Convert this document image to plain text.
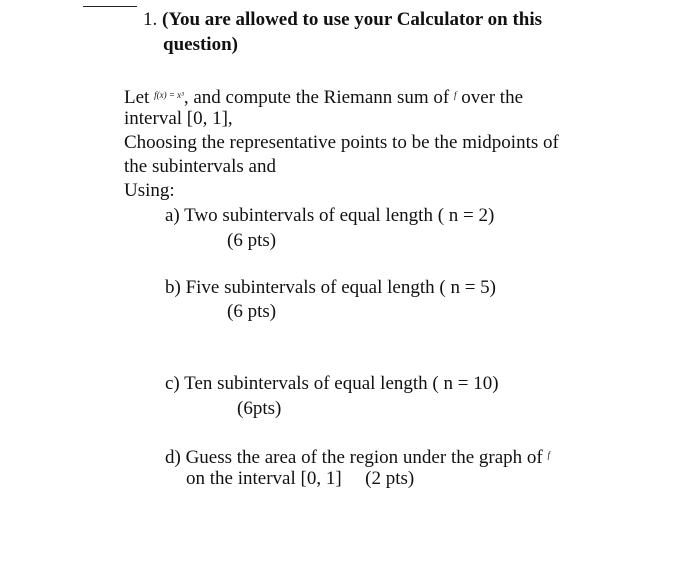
1. (You are allowed to use your Calculator on this
question)
Let $^{f(x) = x^3}$, and compute the Riemann sum of $^f$ over the
interval [0, 1],
Choosing the representative points to be the midpoints of
the subintervals and
Using:
a) Two subintervals of equal length ( n = 2)
(6 pts)
b) Five subintervals of equal length ( n = 5)
(6 pts)
c) Ten subintervals of equal length ( n = 10)
(6pts)
d) Guess the area of the region under the graph of $^f$
on the interval [0, 1] (2 pts)
